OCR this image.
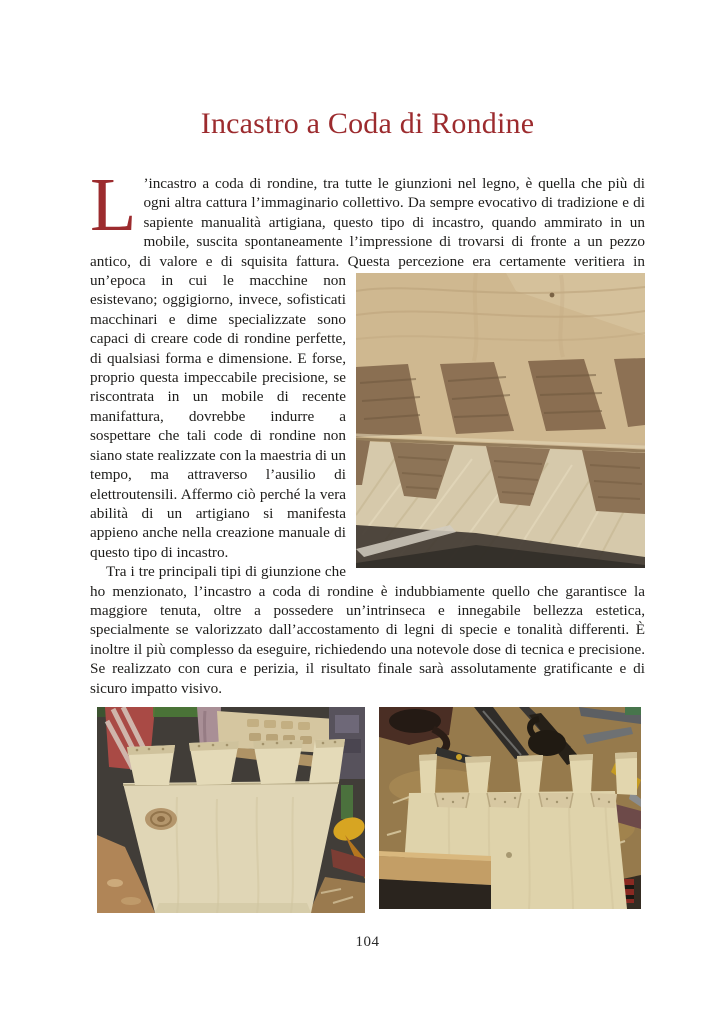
Incastro a Coda di Rondine

L ’incastro a coda di rondine, tra tutte le giunzioni nel legno, è quella che più di ogni altra cattura l’immaginario collettivo. Da sempre evocativo di tradizione e di sapiente manualità artigiana, questo tipo di incastro, quando ammirato in un mobile, suscita spontaneamente l’impressione di trovarsi di fronte a un pezzo antico, di valore e di squisita fattura. Questa
percezione era certamente veritiera in un’epoca in cui le macchine non esistevano; oggigiorno, invece, sofisticati macchinari e dime specializzate sono capaci di creare code di rondine perfette, di qualsiasi forma e dimensione. E forse, proprio questa impeccabile precisione, se riscontrata in un mobile di recente manifattura, dovrebbe indurre a sospettare che tali code di rondine non siano state realizzate con la maestria di un tempo, ma attraverso l’ausilio di elettroutensili. Affermo ciò perché la vera abilità di un artigiano si manifesta appieno anche nella creazione manuale di questo tipo di incastro.

Tra i tre principali tipi di giunzione che ho menzionato, l’incastro a coda di rondine è indubbiamente quello che garantisce la maggiore tenuta, oltre a possedere un’intrinseca e innegabile bellezza estetica, specialmente se valorizzato dall’accostamento di legni di specie e tonalità differenti. È inoltre il più complesso da eseguire, richiedendo una notevole dose di tecnica e precisione. Se realizzato con cura e perizia, il risultato finale sarà assolutamente gratificante e di sicuro impatto visivo.

104
